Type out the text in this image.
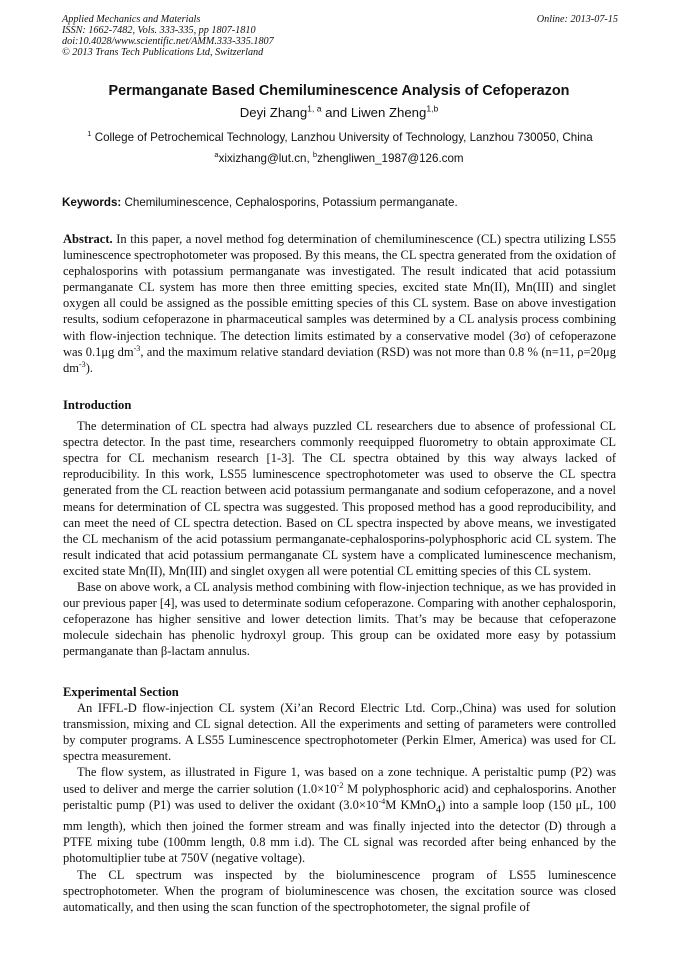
Applied Mechanics and Materials
ISSN: 1662-7482, Vols. 333-335, pp 1807-1810
doi:10.4028/www.scientific.net/AMM.333-335.1807
© 2013 Trans Tech Publications Ltd, Switzerland
Online: 2013-07-15
Permanganate Based Chemiluminescence Analysis of Cefoperazon
Deyi Zhang$^{1, a}$ and Liwen Zheng$^{1,b}$
$^1$ College of Petrochemical Technology, Lanzhou University of Technology, Lanzhou 730050, China
$^a$xixizhang@lut.cn, $^b$zhengliwen_1987@126.com
Keywords: Chemiluminescence, Cephalosporins, Potassium permanganate.

Abstract. In this paper, a novel method fog determination of chemiluminescence (CL) spectra utilizing LS55 luminescence spectrophotometer was proposed. By this means, the CL spectra generated from the oxidation of cephalosporins with potassium permanganate was investigated. The result indicated that acid potassium permanganate CL system has more then three emitting species, excited state Mn(II), Mn(III) and singlet oxygen all could be assigned as the possible emitting species of this CL system. Base on above investigation results, sodium cefoperazone in pharmaceutical samples was determined by a CL analysis process combining with flow-injection technique. The detection limits estimated by a conservative model (3σ) of cefoperazone was 0.1μg $dm^{-3}$, and the maximum relative standard deviation (RSD) was not more than 0.8 % (n=11, ρ=20μg $dm^{-3}$).

Introduction

The determination of CL spectra had always puzzled CL researchers due to absence of professional CL spectra detector. In the past time, researchers commonly reequipped fluorometry to obtain approximate CL spectra for CL mechanism research [1-3]. The CL spectra obtained by this way always lacked of reproducibility. In this work, LS55 luminescence spectrophotometer was used to observe the CL spectra generated from the CL reaction between acid potassium permanganate and sodium cefoperazone, and a novel means for determination of CL spectra was suggested. This proposed method has a good reproducibility, and can meet the need of CL spectra detection. Based on CL spectra inspected by above means, we investigated the CL mechanism of the acid potassium permanganate-cephalosporins-polyphosphoric acid CL system. The result indicated that acid potassium permanganate CL system have a complicated luminescence mechanism, excited state Mn(II), Mn(III) and singlet oxygen all were potential CL emitting species of this CL system.

Base on above work, a CL analysis method combining with flow-injection technique, as we has provided in our previous paper [4], was used to determinate sodium cefoperazone. Comparing with another cephalosporin, cefoperazone has higher sensitive and lower detection limits. That’s may be because that cefoperazone molecule sidechain has phenolic hydroxyl group. This group can be oxidated more easy by potassium permanganate than β-lactam annulus.

Experimental Section

An IFFL-D flow-injection CL system (Xi’an Record Electric Ltd. Corp.,China) was used for solution transmission, mixing and CL signal detection. All the experiments and setting of parameters were controlled by computer programs. A LS55 Luminescence spectrophotometer (Perkin Elmer, America) was used for CL spectra measurement.

The flow system, as illustrated in Figure 1, was based on a zone technique. A peristaltic pump (P2) was used to deliver and merge the carrier solution ($1.0\times 10^{-2}$ M polyphosphoric acid) and cephalosporins. Another peristaltic pump (P1) was used to deliver the oxidant ($3.0\times 10^{-4}M$ KMnO$_4$) into a sample loop (150 μL, 100 mm length), which then joined the former stream and was finally injected into the detector (D) through a PTFE mixing tube (100mm length, 0.8 mm i.d). The CL signal was recorded after being enhanced by the photomultiplier tube at 750V (negative voltage).

The CL spectrum was inspected by the bioluminescence program of LS55 luminescence spectrophotometer. When the program of bioluminescence was chosen, the excitation source was closed automatically, and then using the scan function of the spectrophotometer, the signal profile of
